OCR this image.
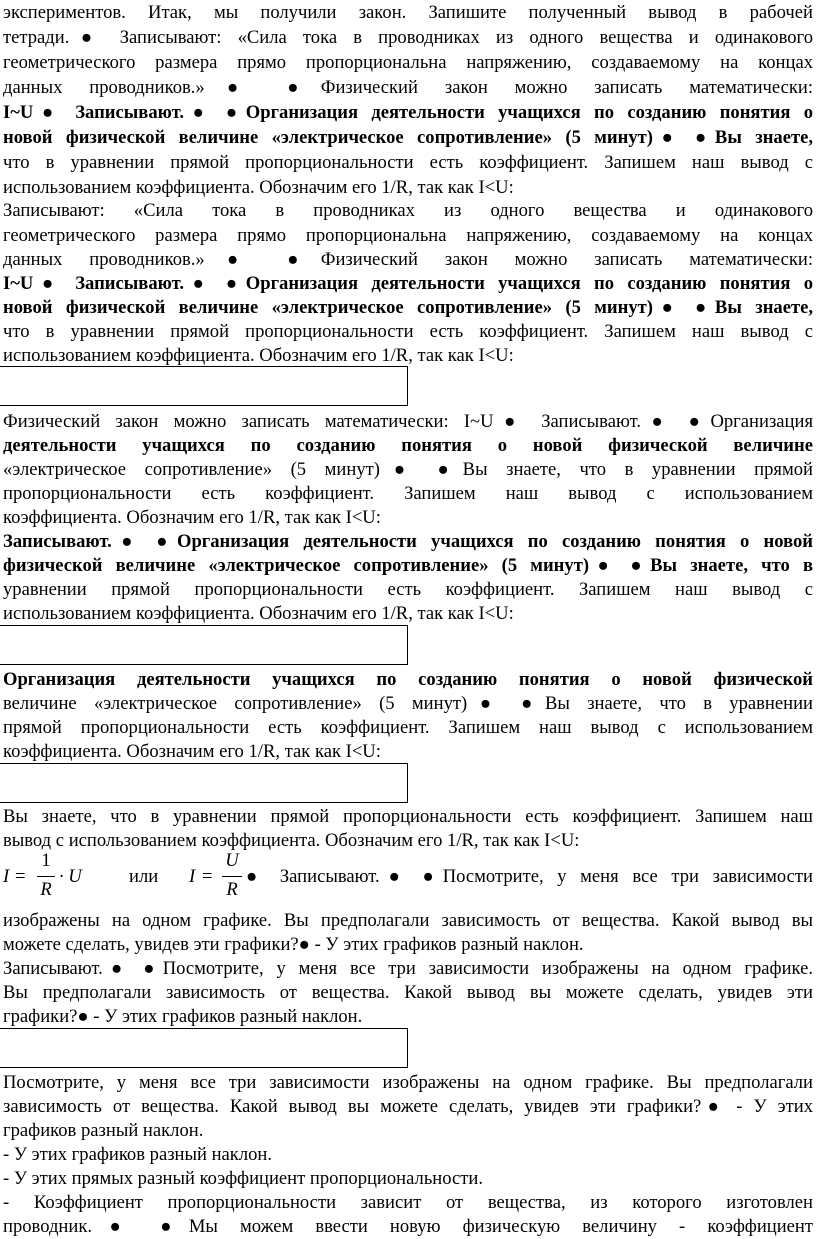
экспериментов. Итак, мы получили закон. Запишите полученный вывод в рабочей
тетради.● Записывают: «Сила тока в проводниках из одного вещества и одинакового
геометрического размера прямо пропорциональна напряжению, создаваемому на концах
данных проводников.»● ●Физический закон можно записать математически:
I~U● Записывают.● ●Организация деятельности учащихся по созданию понятия о
новой физической величине «электрическое сопротивление» (5 минут)● ●Вы знаете,
что в уравнении прямой пропорциональности есть коэффициент. Запишем наш вывод с
использованием коэффициента. Обозначим его 1/R, так как I<U:
Записывают: «Сила тока в проводниках из одного вещества и одинакового
геометрического размера прямо пропорциональна напряжению, создаваемому на концах
данных проводников.»● ●Физический закон можно записать математически:
I~U● Записывают.● ●Организация деятельности учащихся по созданию понятия о
новой физической величине «электрическое сопротивление» (5 минут)● ●Вы знаете,
что в уравнении прямой пропорциональности есть коэффициент. Запишем наш вывод с
использованием коэффициента. Обозначим его 1/R, так как I<U:
Физический закон можно записать математически: I~U● Записывают.● ●Организация
деятельности учащихся по созданию понятия о новой физической величине
«электрическое сопротивление» (5 минут)● ●Вы знаете, что в уравнении прямой
пропорциональности есть коэффициент. Запишем наш вывод с использованием
коэффициента. Обозначим его 1/R, так как I<U:
Записывают.● ●Организация деятельности учащихся по созданию понятия о новой
физической величине «электрическое сопротивление» (5 минут)● ●Вы знаете, что в
уравнении прямой пропорциональности есть коэффициент. Запишем наш вывод с
использованием коэффициента. Обозначим его 1/R, так как I<U:
Организация деятельности учащихся по созданию понятия о новой физической
величине «электрическое сопротивление» (5 минут)● ●Вы знаете, что в уравнении
прямой пропорциональности есть коэффициент. Запишем наш вывод с использованием
коэффициента. Обозначим его 1/R, так как I<U:
Вы знаете, что в уравнении прямой пропорциональности есть коэффициент. Запишем наш
вывод с использованием коэффициента. Обозначим его 1/R, так как I<U:
I =
1
R
· U	или I =
U
R
● Записывают.● ●Посмотрите, у меня все три зависимости
изображены на одном графике. Вы предполагали зависимость от вещества. Какой вывод вы
можете сделать, увидев эти графики?● - У этих графиков разный наклон.
Записывают.● ●Посмотрите, у меня все три зависимости изображены на одном графике.
Вы предполагали зависимость от вещества. Какой вывод вы можете сделать, увидев эти
графики?● - У этих графиков разный наклон.
Посмотрите, у меня все три зависимости изображены на одном графике. Вы предполагали
зависимость от вещества. Какой вывод вы можете сделать, увидев эти графики?● - У этих
графиков разный наклон.
- У этих графиков разный наклон.
- У этих прямых разный коэффициент пропорциональности.
- Коэффициент пропорциональности зависит от вещества, из которого изготовлен
проводник.● ●Мы можем ввести новую физическую величину - коэффициент
